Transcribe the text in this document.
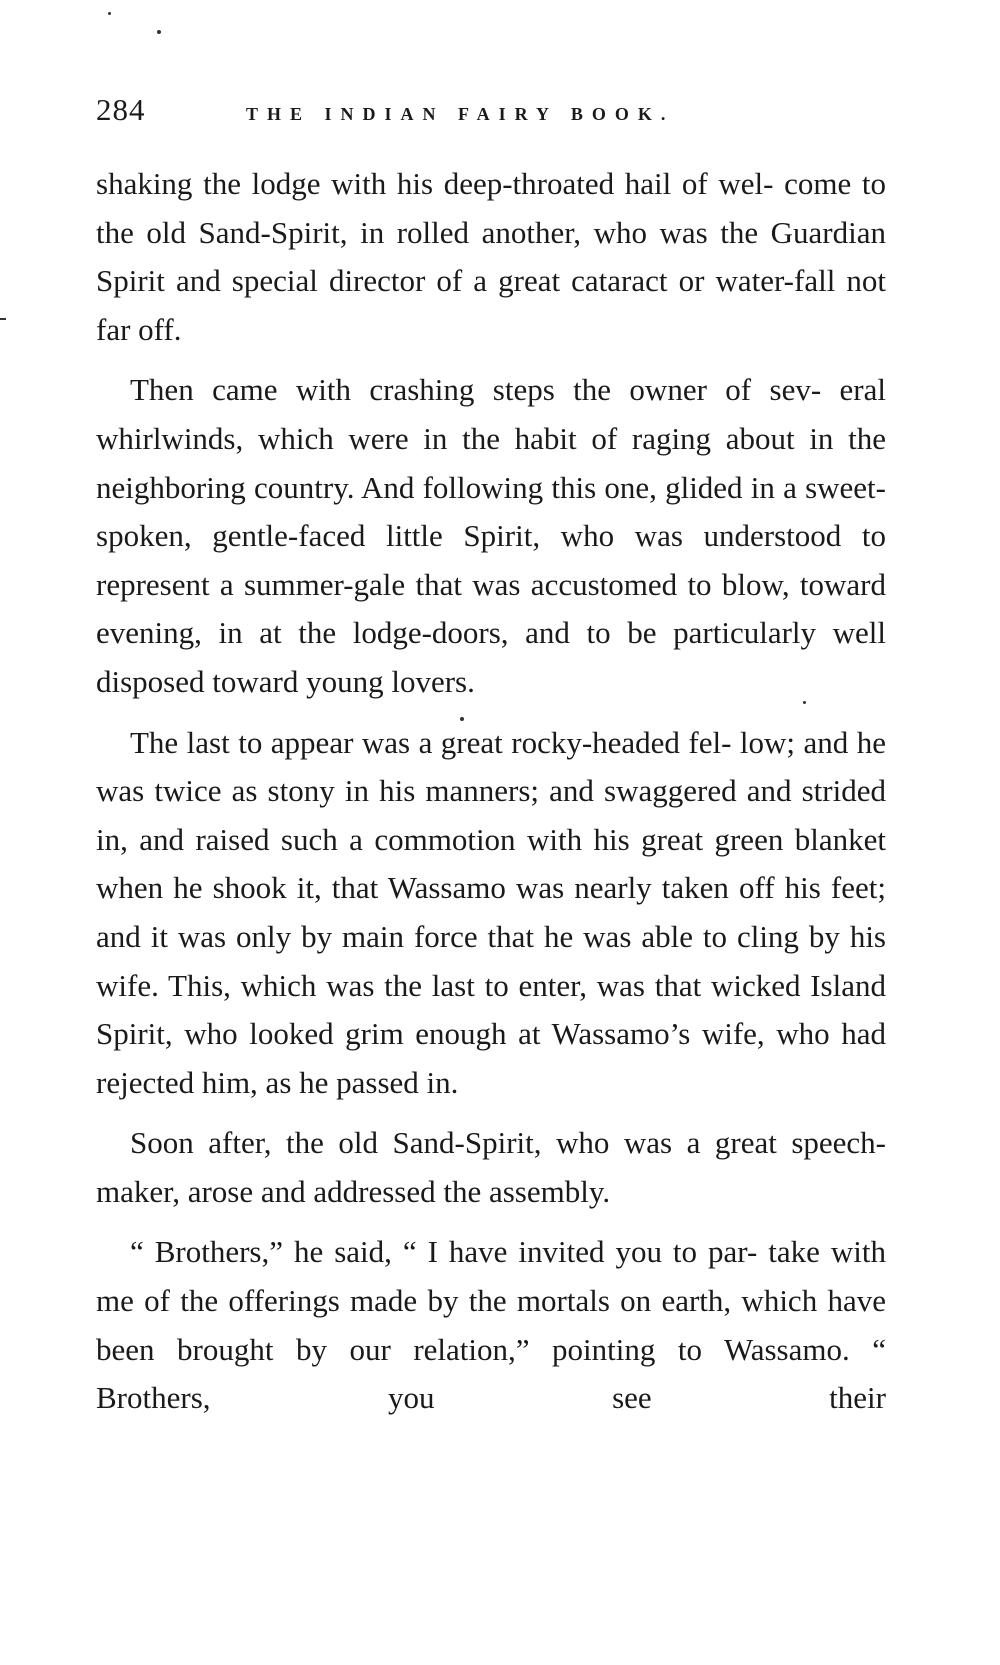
284	THE INDIAN FAIRY BOOK.

shaking the lodge with his deep-throated hail of wel- come to the old Sand-Spirit, in rolled another, who was the Guardian Spirit and special director of a great cataract or water-fall not far off.

Then came with crashing steps the owner of sev- eral whirlwinds, which were in the habit of raging about in the neighboring country. And following this one, glided in a sweet-spoken, gentle-faced little Spirit, who was understood to represent a summer-gale that was accustomed to blow, toward evening, in at the lodge-doors, and to be particularly well disposed toward young lovers.

The last to appear was a great rocky-headed fel- low; and he was twice as stony in his manners; and swaggered and strided in, and raised such a commotion with his great green blanket when he shook it, that Wassamo was nearly taken off his feet; and it was only by main force that he was able to cling by his wife. This, which was the last to enter, was that wicked Island Spirit, who looked grim enough at Wassamo’s wife, who had rejected him, as he passed in.

Soon after, the old Sand-Spirit, who was a great speech-maker, arose and addressed the assembly.

“ Brothers,” he said, “ I have invited you to par- take with me of the offerings made by the mortals on earth, which have been brought by our relation,” pointing to Wassamo. “ Brothers, you see their
